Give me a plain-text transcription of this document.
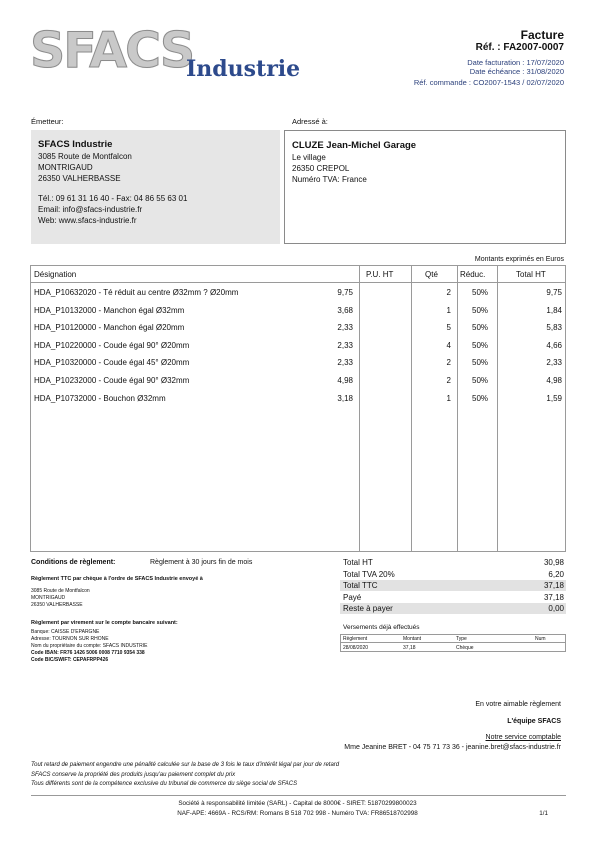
SFACS
Industrie
Facture
Réf. : FA2007-0007
Date facturation : 17/07/2020
Date échéance : 31/08/2020
Réf. commande : CO2007-1543 / 02/07/2020
Émetteur:	Adressé à:
SFACS Industrie
3085 Route de Montfalcon
MONTRIGAUD
26350 VALHERBASSE
Tél.: 09 61 31 16 40 - Fax: 04 86 55 63 01
Email: info@sfacs-industrie.fr
Web: www.sfacs-industrie.fr
CLUZE Jean-Michel Garage
Le village
26350 CREPOL
Numéro TVA: France
Montants exprimés en Euros
Désignation	P.U. HT	Qté	Réduc.	Total HT
HDA_P10632020 - Té réduit au centre Ø32mm ? Ø20mm	9,75	2	50%	9,75
HDA_P10132000 - Manchon égal Ø32mm	3,68	1	50%	1,84
HDA_P10120000 - Manchon égal Ø20mm	2,33	5	50%	5,83
HDA_P10220000 - Coude égal 90° Ø20mm	2,33	4	50%	4,66
HDA_P10320000 - Coude égal 45° Ø20mm	2,33	2	50%	2,33
HDA_P10232000 - Coude égal 90° Ø32mm	4,98	2	50%	4,98
HDA_P10732000 - Bouchon Ø32mm	3,18	1	50%	1,59
Conditions de règlement:	Règlement à 30 jours fin de mois
Règlement TTC par chèque à l'ordre de SFACS Industrie envoyé à
3085 Route de Montfalcon
MONTRIGAUD
26350 VALHERBASSE
Règlement par virement sur le compte bancaire suivant:
Banque: CAISSE D'EPARGNE
Adresse: TOURNON SUR RHONE
Nom du propriétaire du compte: SFACS INDUSTRIE
Code IBAN: FR76 1426 5006 0008 7710 9354 338
Code BIC/SWIFT: CEPAFRPP426
Total HT	30,98
Total TVA 20%	6,20
Total TTC	37,18
Payé	37,18
Reste à payer	0,00
Versements déjà effectués
Règlement	Montant	Type	Num
28/08/2020	37,18	Chèque
En votre aimable règlement
L'équipe SFACS
Notre service comptable
Mme Jeanine BRET - 04 75 71 73 36 - jeanine.bret@sfacs-industrie.fr
Tout retard de paiement engendre une pénalité calculée sur la base de 3 fois le taux d'intérêt légal par jour de retard
SFACS conserve la propriété des produits jusqu'au paiement complet du prix
Tous différents sont de la compétence exclusive du tribunal de commerce du siège social de SFACS
Société à responsabilité limitée (SARL) - Capital de 8000€ - SIRET: 51870299800023
NAF-APE: 4669A - RCS/RM: Romans B 518 702 998 - Numéro TVA: FR86518702998	1/1
